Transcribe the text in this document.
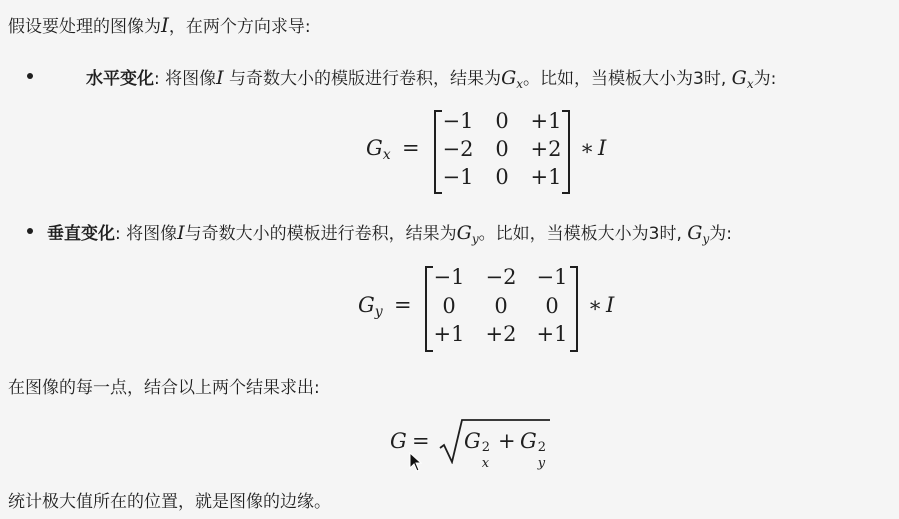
假设要处理的图像为I，在两个方向求导:
水平变化: 将图像I 与奇数大小的模版进行卷积，结果为$G_x$。比如，当模板大小为3时, $G_x$为:
$G_x$ =
−1	0	+1
−2	0	+2
−1	0	+1
∗ I
垂直变化: 将图像I与奇数大小的模板进行卷积，结果为$G_y$。比如，当模板大小为3时, $G_y$为:
$G_y$ =
−1	−2 −1
0	0	0
+1	+2 +1
∗ I
在图像的每一点，结合以上两个结果求出:
G = G 2
x
+ G 2
y
统计极大值所在的位置，就是图像的边缘。
